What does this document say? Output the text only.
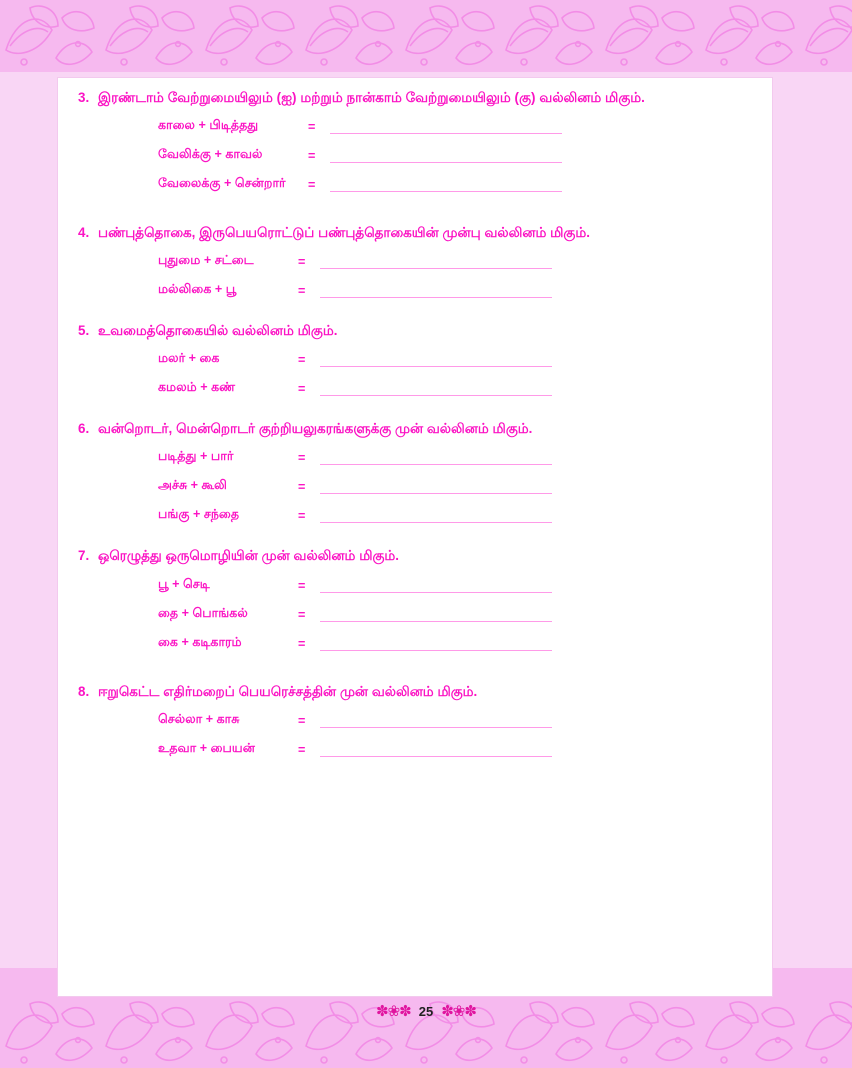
3. இரண்டாம் வேற்றுமையிலும் (ஐ) மற்றும் நான்காம் வேற்றுமையிலும் (கு) வல்லினம் மிகும்.
காலை + பிடித்தது	=
வேலிக்கு + காவல்	=
வேலைக்கு + சென்றார்	=
4. பண்புத்தொகை, இருபெயரொட்டுப் பண்புத்தொகையின் முன்பு வல்லினம் மிகும்.
புதுமை + சட்டை	=
மல்லிகை + பூ	=
5. உவமைத்தொகையில் வல்லினம் மிகும்.
மலர் + கை	=
கமலம் + கண்	=
6. வன்றொடர், மென்றொடர் குற்றியலுகரங்களுக்கு முன் வல்லினம் மிகும்.
படித்து + பார்	=
அச்சு + கூலி	=
பங்கு + சந்தை	=
7. ஒரெழுத்து ஒருமொழியின் முன் வல்லினம் மிகும்.
பூ + செடி	=
தை + பொங்கல்	=
கை + கடிகாரம்	=
8. ஈறுகெட்ட எதிர்மறைப் பெயரெச்சத்தின் முன் வல்லினம் மிகும்.
செல்லா + காசு	=
உதவா + பையன்	=
✽❀✽ 25 ✽❀✽
